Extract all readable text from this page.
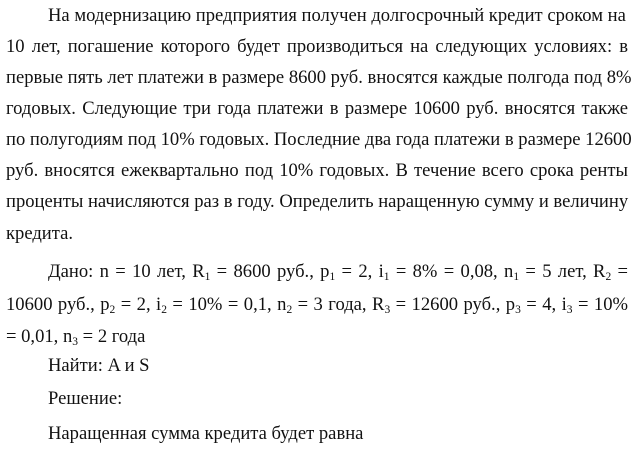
На модернизацию предприятия получен долгосрочный кредит сроком на
10 лет, погашение которого будет производиться на следующих условиях: в
первые пять лет платежи в размере 8600 руб. вносятся каждые полгода под 8%
годовых. Следующие три года платежи в размере 10600 руб. вносятся также
по полугодиям под 10% годовых. Последние два года платежи в размере 12600
руб. вносятся ежеквартально под 10% годовых. В течение всего срока ренты
проценты начисляются раз в году. Определить наращенную сумму и величину
кредита.
Дано: n = 10 лет, $R_1 = 8600$ руб., $p_1 = 2$, $i_1 = 8\% = 0,08$, $n_1 = 5$ лет, $R_2$ =
10600 руб., $p_2 = 2$, $i_2 = 10\% = 0,1$, $n_2 = 3$ года, $R_3 = 12600$ руб., $p_3 = 4$, $i_3 = 10\%$
= 0,01, $n_3 = 2$ года
Найти: A и S
Решение:
Наращенная сумма кредита будет равна
